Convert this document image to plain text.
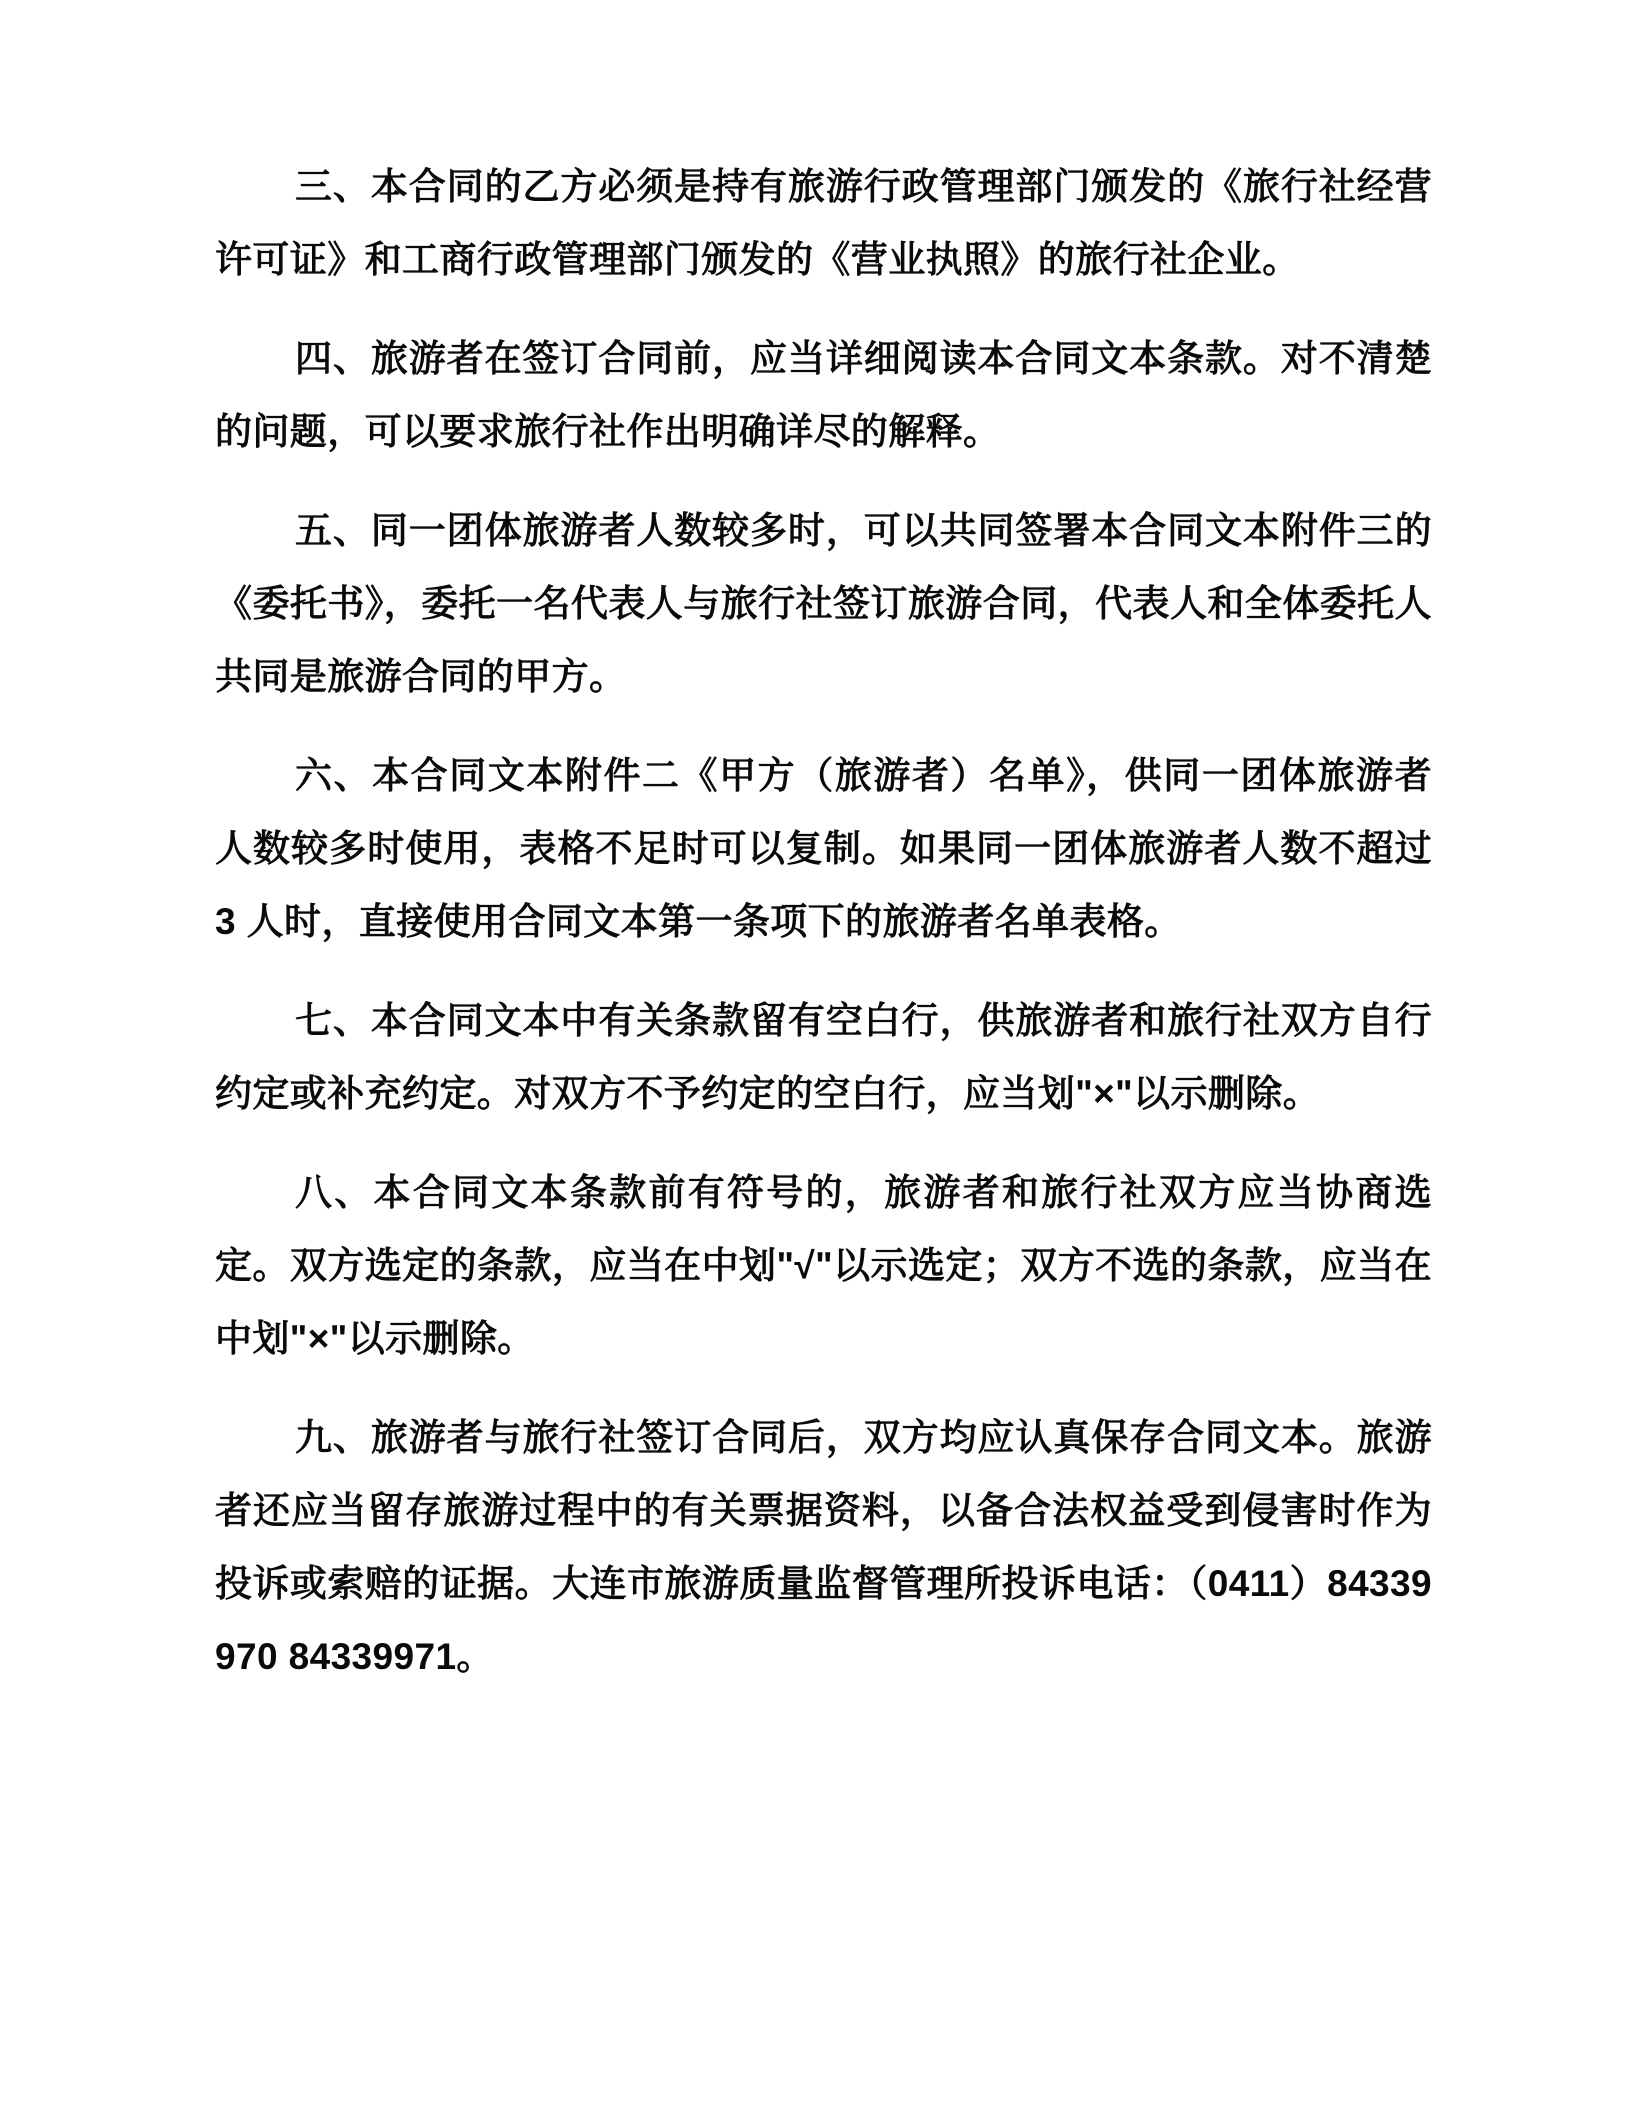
三、本合同的乙方必须是持有旅游行政管理部门颁发的《旅行社经营许可证》和工商行政管理部门颁发的《营业执照》的旅行社企业。

四、旅游者在签订合同前，应当详细阅读本合同文本条款。对不清楚的问题，可以要求旅行社作出明确详尽的解释。

五、同一团体旅游者人数较多时，可以共同签署本合同文本附件三的《委托书》，委托一名代表人与旅行社签订旅游合同，代表人和全体委托人共同是旅游合同的甲方。

六、本合同文本附件二《甲方（旅游者）名单》，供同一团体旅游者人数较多时使用，表格不足时可以复制。如果同一团体旅游者人数不超过 3 人时，直接使用合同文本第一条项下的旅游者名单表格。

七、本合同文本中有关条款留有空白行，供旅游者和旅行社双方自行约定或补充约定。对双方不予约定的空白行，应当划"×"以示删除。

八、本合同文本条款前有符号的，旅游者和旅行社双方应当协商选定。双方选定的条款，应当在中划"√"以示选定；双方不选的条款，应当在中划"×"以示删除。

九、旅游者与旅行社签订合同后，双方均应认真保存合同文本。旅游者还应当留存旅游过程中的有关票据资料，以备合法权益受到侵害时作为投诉或索赔的证据。大连市旅游质量监督管理所投诉电话：（0411）84339970 84339971。
